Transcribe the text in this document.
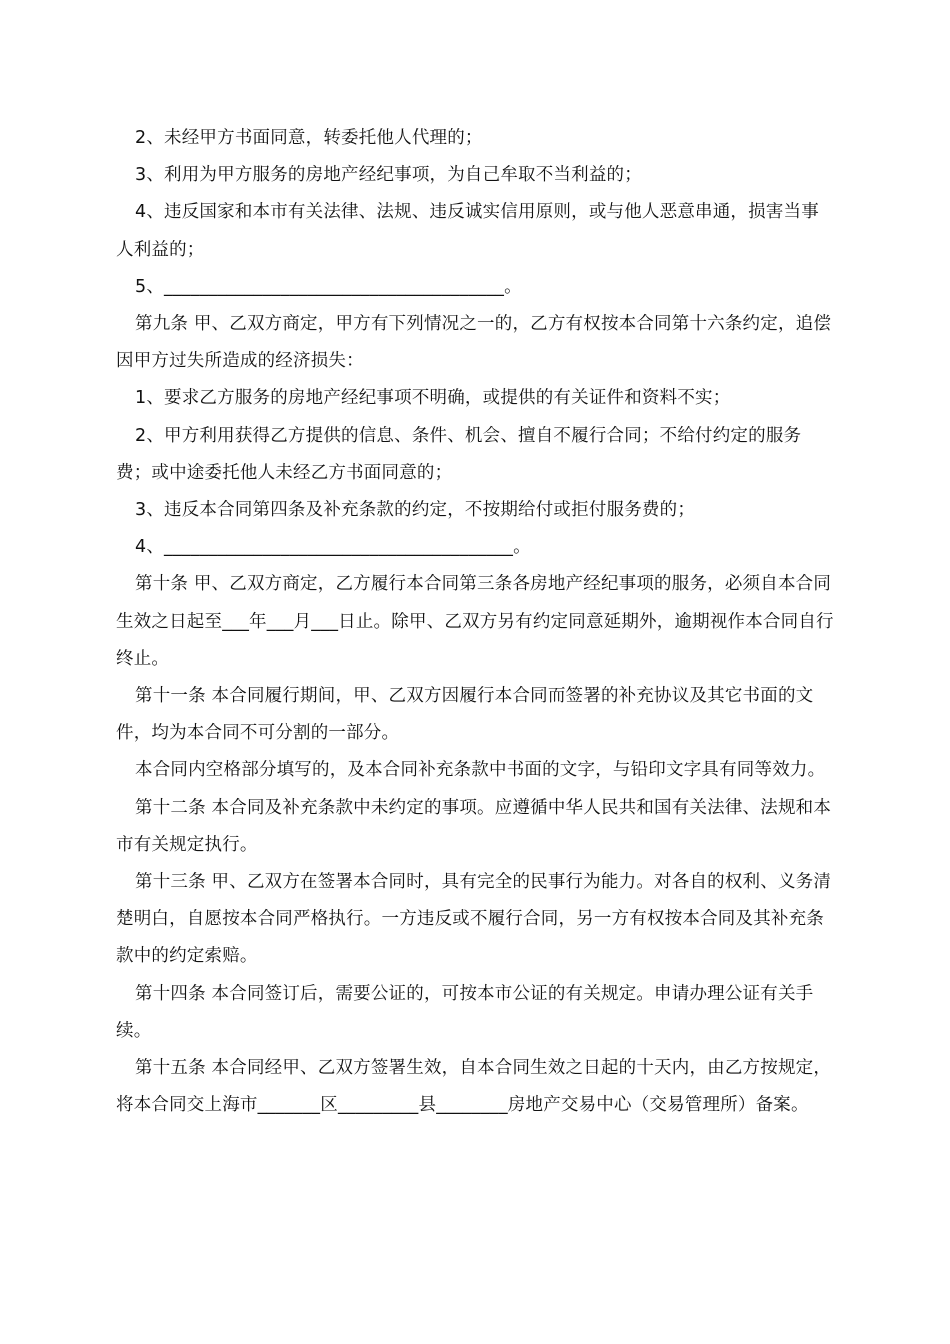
2、未经甲方书面同意，转委托他人代理的；

3、利用为甲方服务的房地产经纪事项，为自己牟取不当利益的；

4、违反国家和本市有关法律、法规、违反诚实信用原则，或与他人恶意串通，损害当事人利益的；

5、______________________________________。

第九条 甲、乙双方商定，甲方有下列情况之一的，乙方有权按本合同第十六条约定，追偿因甲方过失所造成的经济损失：

1、要求乙方服务的房地产经纪事项不明确，或提供的有关证件和资料不实；

2、甲方利用获得乙方提供的信息、条件、机会、擅自不履行合同；不给付约定的服务费；或中途委托他人未经乙方书面同意的；

3、违反本合同第四条及补充条款的约定，不按期给付或拒付服务费的；

4、_______________________________________。

第十条 甲、乙双方商定，乙方履行本合同第三条各房地产经纪事项的服务，必须自本合同生效之日起至___年___月___日止。除甲、乙双方另有约定同意延期外，逾期视作本合同自行终止。

第十一条 本合同履行期间，甲、乙双方因履行本合同而签署的补充协议及其它书面的文件，均为本合同不可分割的一部分。

本合同内空格部分填写的，及本合同补充条款中书面的文字，与铅印文字具有同等效力。

第十二条 本合同及补充条款中未约定的事项。应遵循中华人民共和国有关法律、法规和本市有关规定执行。

第十三条 甲、乙双方在签署本合同时，具有完全的民事行为能力。对各自的权利、义务清楚明白，自愿按本合同严格执行。一方违反或不履行合同，另一方有权按本合同及其补充条款中的约定索赔。

第十四条 本合同签订后，需要公证的，可按本市公证的有关规定。申请办理公证有关手续。

第十五条 本合同经甲、乙双方签署生效，自本合同生效之日起的十天内，由乙方按规定，将本合同交上海市_______区_________县________房地产交易中心（交易管理所）备案。
